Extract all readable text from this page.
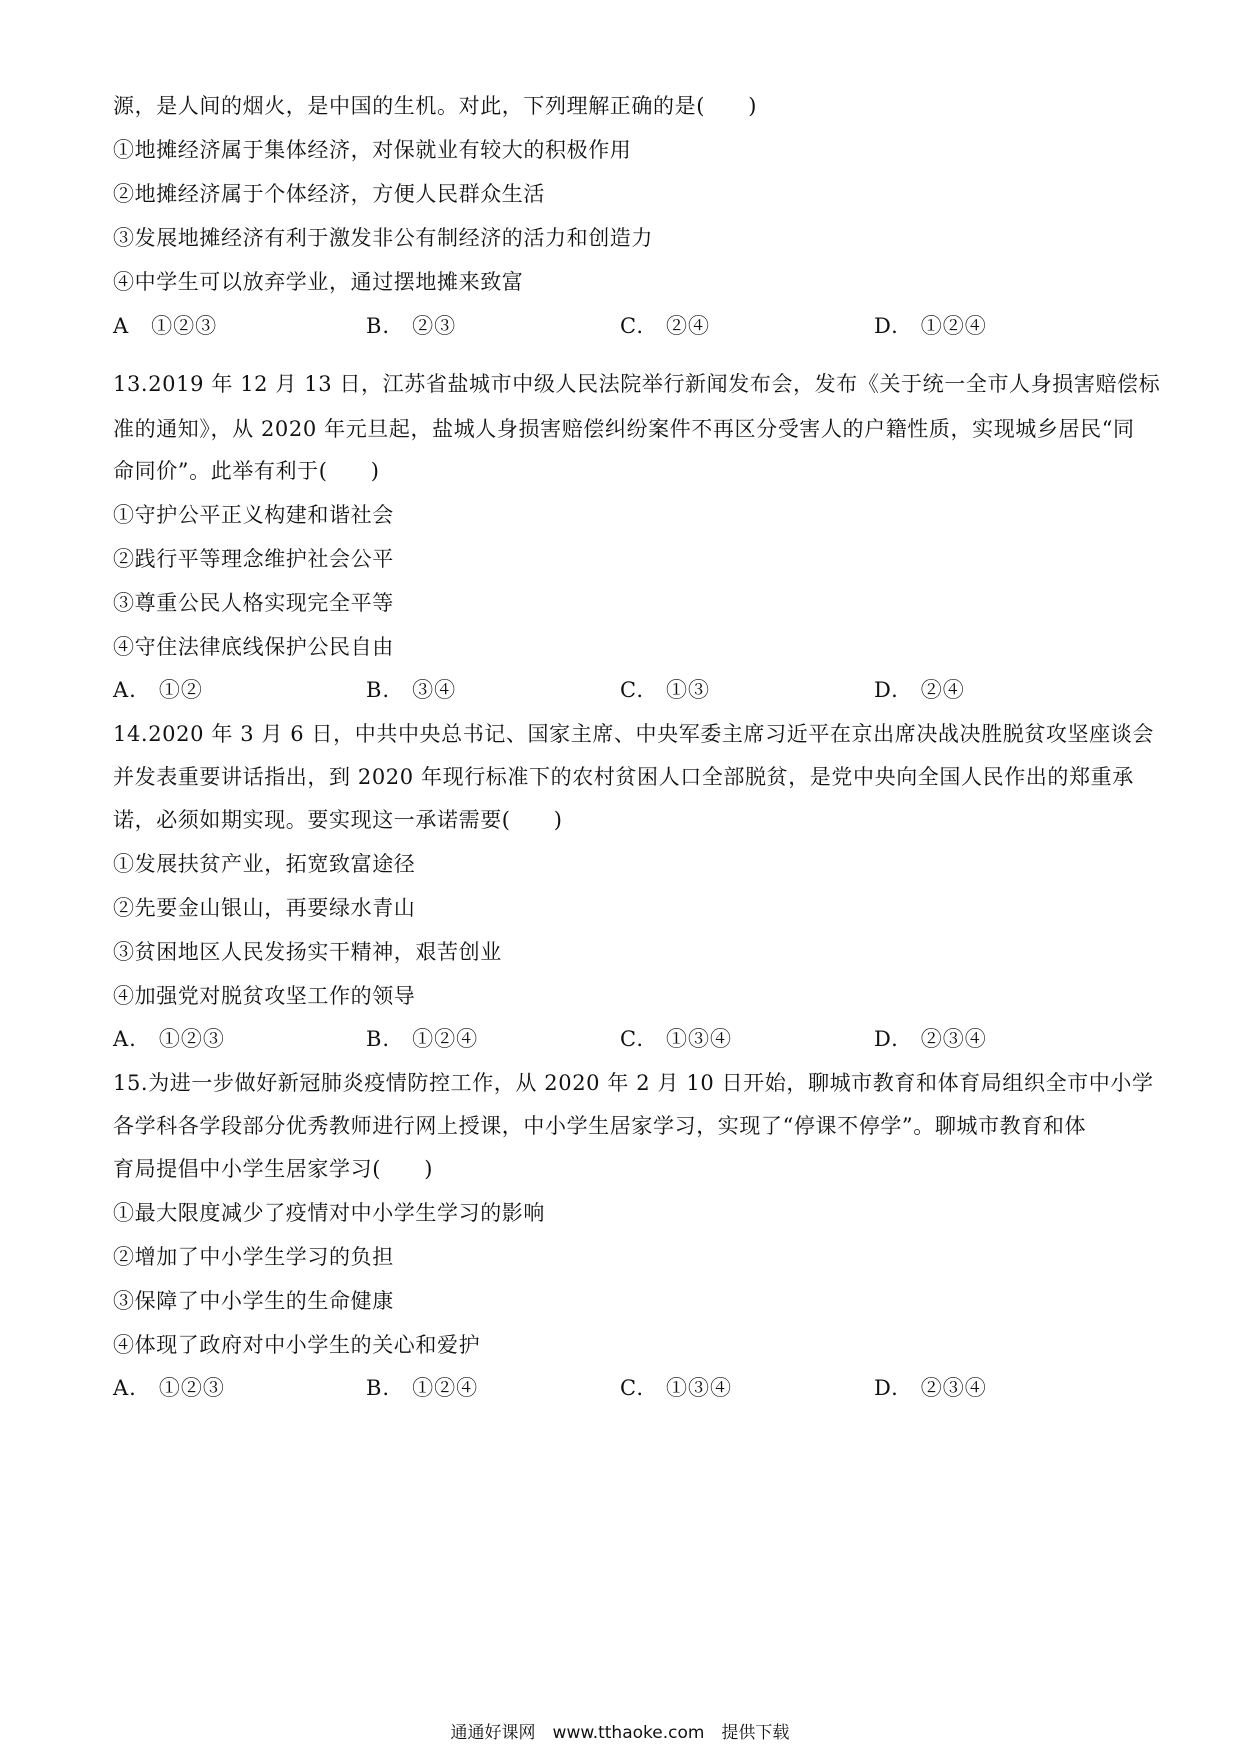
源，是人间的烟火，是中国的生机。对此，下列理解正确的是(　　)
①地摊经济属于集体经济，对保就业有较大的积极作用
②地摊经济属于个体经济，方便人民群众生活
③发展地摊经济有利于激发非公有制经济的活力和创造力
④中学生可以放弃学业，通过摆地摊来致富
A　①②③	B.　②③	C.　②④	D.　①②④
13.2019 年 12 月 13 日，江苏省盐城市中级人民法院举行新闻发布会，发布《关于统一全市人身损害赔偿标
准的通知》，从 2020 年元旦起，盐城人身损害赔偿纠纷案件不再区分受害人的户籍性质，实现城乡居民“同
命同价”。此举有利于(　　)
①守护公平正义构建和谐社会
②践行平等理念维护社会公平
③尊重公民人格实现完全平等
④守住法律底线保护公民自由
A.　①②	B.　③④	C.　①③	D.　②④
14.2020 年 3 月 6 日，中共中央总书记、国家主席、中央军委主席习近平在京出席决战决胜脱贫攻坚座谈会
并发表重要讲话指出，到 2020 年现行标准下的农村贫困人口全部脱贫，是党中央向全国人民作出的郑重承
诺，必须如期实现。要实现这一承诺需要(　　)
①发展扶贫产业，拓宽致富途径
②先要金山银山，再要绿水青山
③贫困地区人民发扬实干精神，艰苦创业
④加强党对脱贫攻坚工作的领导
A.　①②③	B.　①②④	C.　①③④	D.　②③④
15.为进一步做好新冠肺炎疫情防控工作，从 2020 年 2 月 10 日开始，聊城市教育和体育局组织全市中小学
各学科各学段部分优秀教师进行网上授课，中小学生居家学习，实现了“停课不停学”。聊城市教育和体
育局提倡中小学生居家学习(　　)
①最大限度减少了疫情对中小学生学习的影响
②增加了中小学生学习的负担
③保障了中小学生的生命健康
④体现了政府对中小学生的关心和爱护
A.　①②③	B.　①②④	C.　①③④	D.　②③④
通通好课网　www.tthaoke.com　提供下载
